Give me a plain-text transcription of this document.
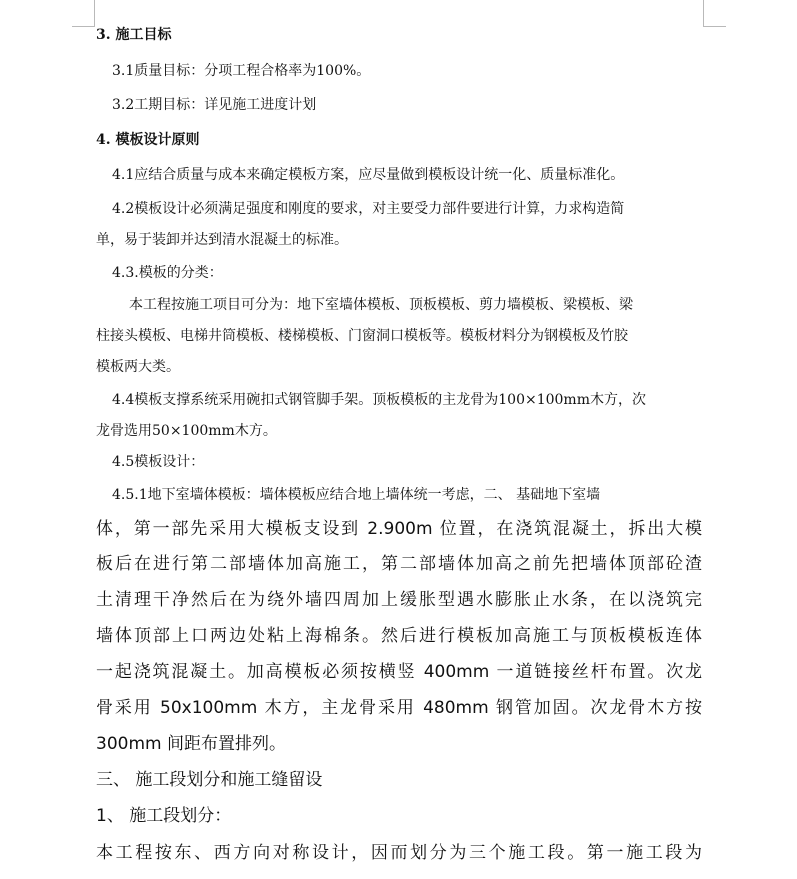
3. 施工目标
3.1质量目标：分项工程合格率为100%。
3.2工期目标：详见施工进度计划
4. 模板设计原则
4.1应结合质量与成本来确定模板方案，应尽量做到模板设计统一化、质量标准化。
4.2模板设计必须满足强度和刚度的要求，对主要受力部件要进行计算，力求构造简
单，易于装卸并达到清水混凝土的标准。
4.3.模板的分类：
本工程按施工项目可分为：地下室墙体模板、顶板模板、剪力墙模板、梁模板、梁
柱接头模板、电梯井筒模板、楼梯模板、门窗洞口模板等。模板材料分为钢模板及竹胶
模板两大类。
4.4模板支撑系统采用碗扣式钢管脚手架。顶板模板的主龙骨为100×100mm木方，次
龙骨选用50×100mm木方。
4.5模板设计：
4.5.1地下室墙体模板：墙体模板应结合地上墙体统一考虑，二、 基础地下室墙
体，第一部先采用大模板支设到 2.900m 位置，在浇筑混凝土，拆出大模
板后在进行第二部墙体加高施工，第二部墙体加高之前先把墙体顶部砼渣
土清理干净然后在为绕外墙四周加上缓胀型遇水膨胀止水条，在以浇筑完
墙体顶部上口两边处粘上海棉条。然后进行模板加高施工与顶板模板连体
一起浇筑混凝土。加高模板必须按横竖 400mm 一道链接丝杆布置。次龙
骨采用 50x100mm 木方，主龙骨采用 480mm 钢管加固。次龙骨木方按
300mm 间距布置排列。
三、 施工段划分和施工缝留设
1、 施工段划分：
本工程按东、西方向对称设计，因而划分为三个施工段。第一施工段为
